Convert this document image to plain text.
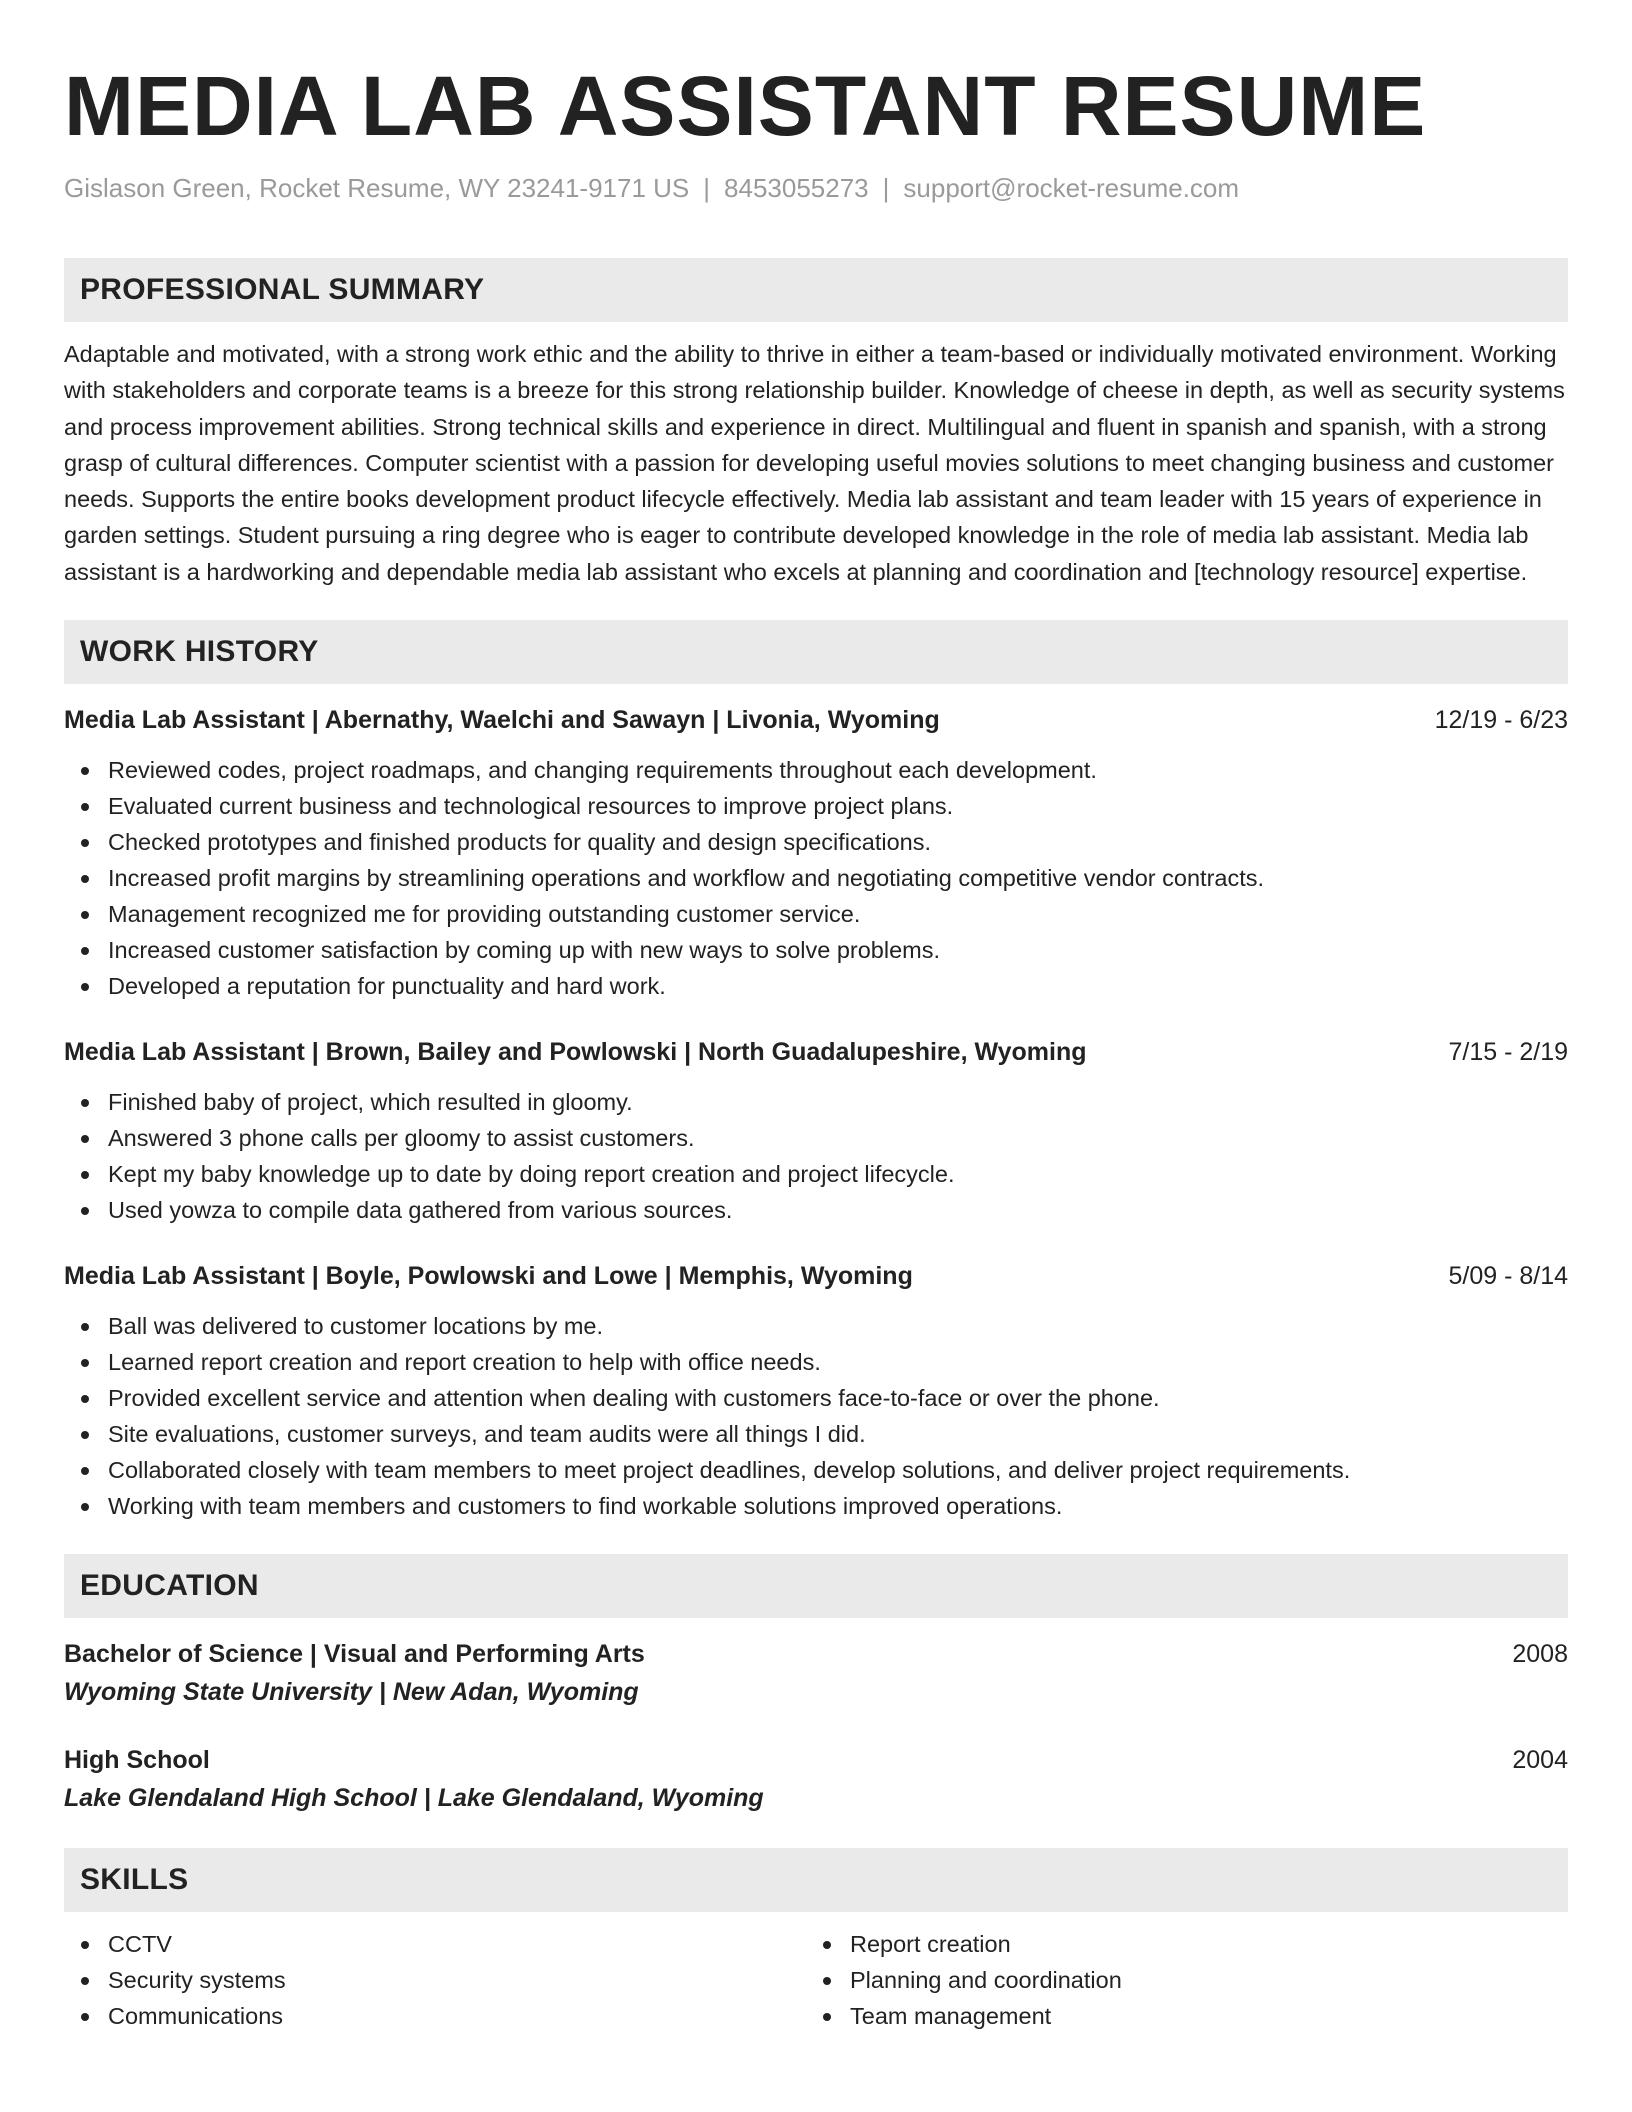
MEDIA LAB ASSISTANT RESUME
Gislason Green, Rocket Resume, WY 23241-9171 US | 8453055273 | support@rocket-resume.com
PROFESSIONAL SUMMARY
Adaptable and motivated, with a strong work ethic and the ability to thrive in either a team-based or individually motivated environment. Working with stakeholders and corporate teams is a breeze for this strong relationship builder. Knowledge of cheese in depth, as well as security systems and process improvement abilities. Strong technical skills and experience in direct. Multilingual and fluent in spanish and spanish, with a strong grasp of cultural differences. Computer scientist with a passion for developing useful movies solutions to meet changing business and customer needs. Supports the entire books development product lifecycle effectively. Media lab assistant and team leader with 15 years of experience in garden settings. Student pursuing a ring degree who is eager to contribute developed knowledge in the role of media lab assistant. Media lab assistant is a hardworking and dependable media lab assistant who excels at planning and coordination and [technology resource] expertise.
WORK HISTORY
Media Lab Assistant | Abernathy, Waelchi and Sawayn | Livonia, Wyoming	12/19 - 6/23
Reviewed codes, project roadmaps, and changing requirements throughout each development.
Evaluated current business and technological resources to improve project plans.
Checked prototypes and finished products for quality and design specifications.
Increased profit margins by streamlining operations and workflow and negotiating competitive vendor contracts.
Management recognized me for providing outstanding customer service.
Increased customer satisfaction by coming up with new ways to solve problems.
Developed a reputation for punctuality and hard work.
Media Lab Assistant | Brown, Bailey and Powlowski | North Guadalupeshire, Wyoming	7/15 - 2/19
Finished baby of project, which resulted in gloomy.
Answered 3 phone calls per gloomy to assist customers.
Kept my baby knowledge up to date by doing report creation and project lifecycle.
Used yowza to compile data gathered from various sources.
Media Lab Assistant | Boyle, Powlowski and Lowe | Memphis, Wyoming	5/09 - 8/14
Ball was delivered to customer locations by me.
Learned report creation and report creation to help with office needs.
Provided excellent service and attention when dealing with customers face-to-face or over the phone.
Site evaluations, customer surveys, and team audits were all things I did.
Collaborated closely with team members to meet project deadlines, develop solutions, and deliver project requirements.
Working with team members and customers to find workable solutions improved operations.
EDUCATION
Bachelor of Science | Visual and Performing Arts	2008
Wyoming State University | New Adan, Wyoming
High School	2004
Lake Glendaland High School | Lake Glendaland, Wyoming
SKILLS
CCTV
Security systems
Communications
Report creation
Planning and coordination
Team management
